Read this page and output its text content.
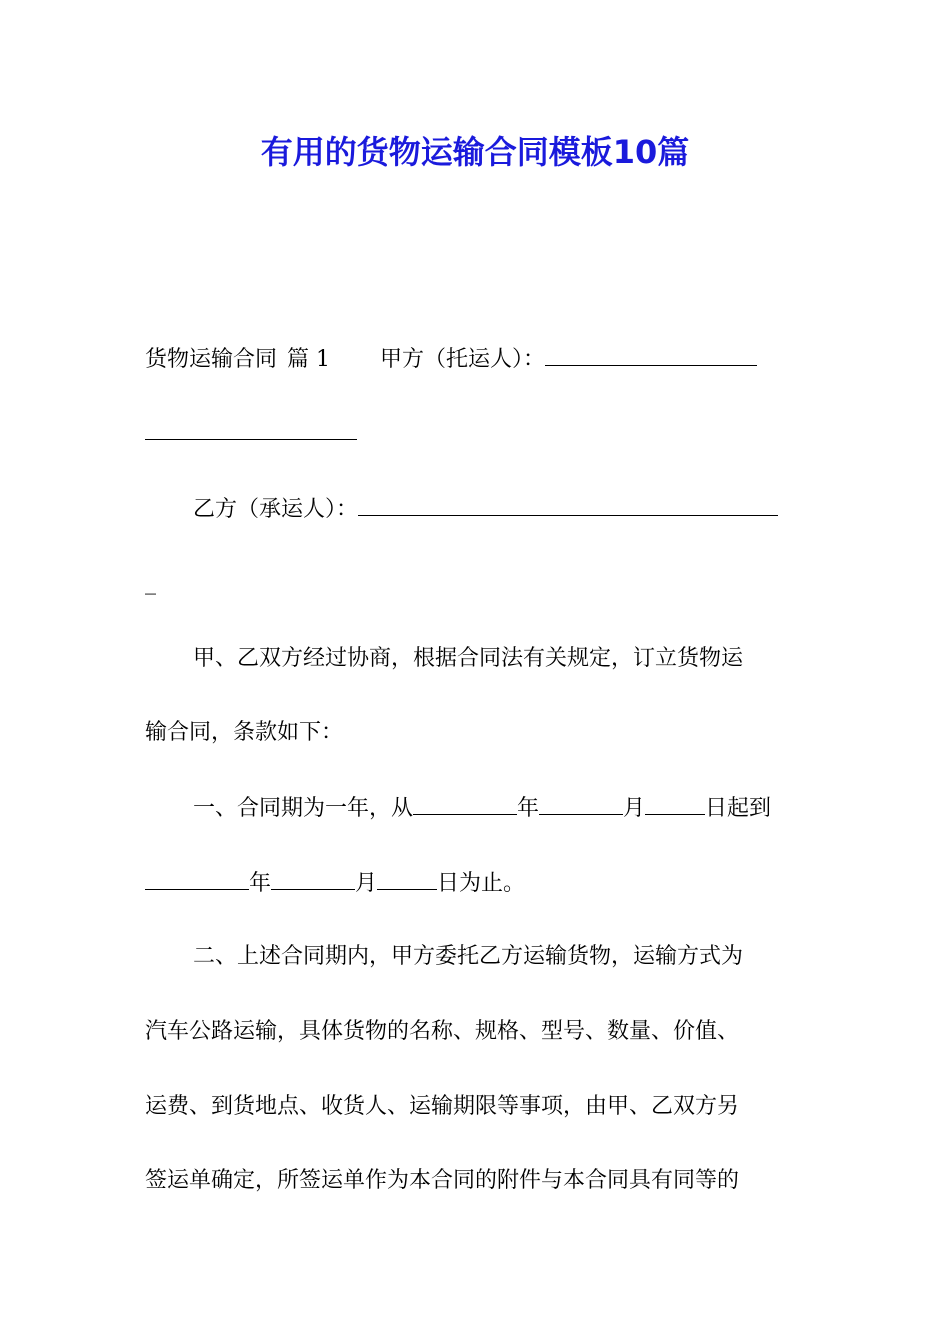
有用的货物运输合同模板10篇
货物运输合同 篇 1 甲方（托运人）：
乙方（承运人）：
_
甲、乙双方经过协商，根据合同法有关规定，订立货物运
输合同，条款如下：
一、合同期为一年，从	年	月	日起到
年	月	日为止。
二、上述合同期内，甲方委托乙方运输货物，运输方式为
汽车公路运输，具体货物的名称、规格、型号、数量、价值、
运费、到货地点、收货人、运输期限等事项，由甲、乙双方另
签运单确定，所签运单作为本合同的附件与本合同具有同等的
